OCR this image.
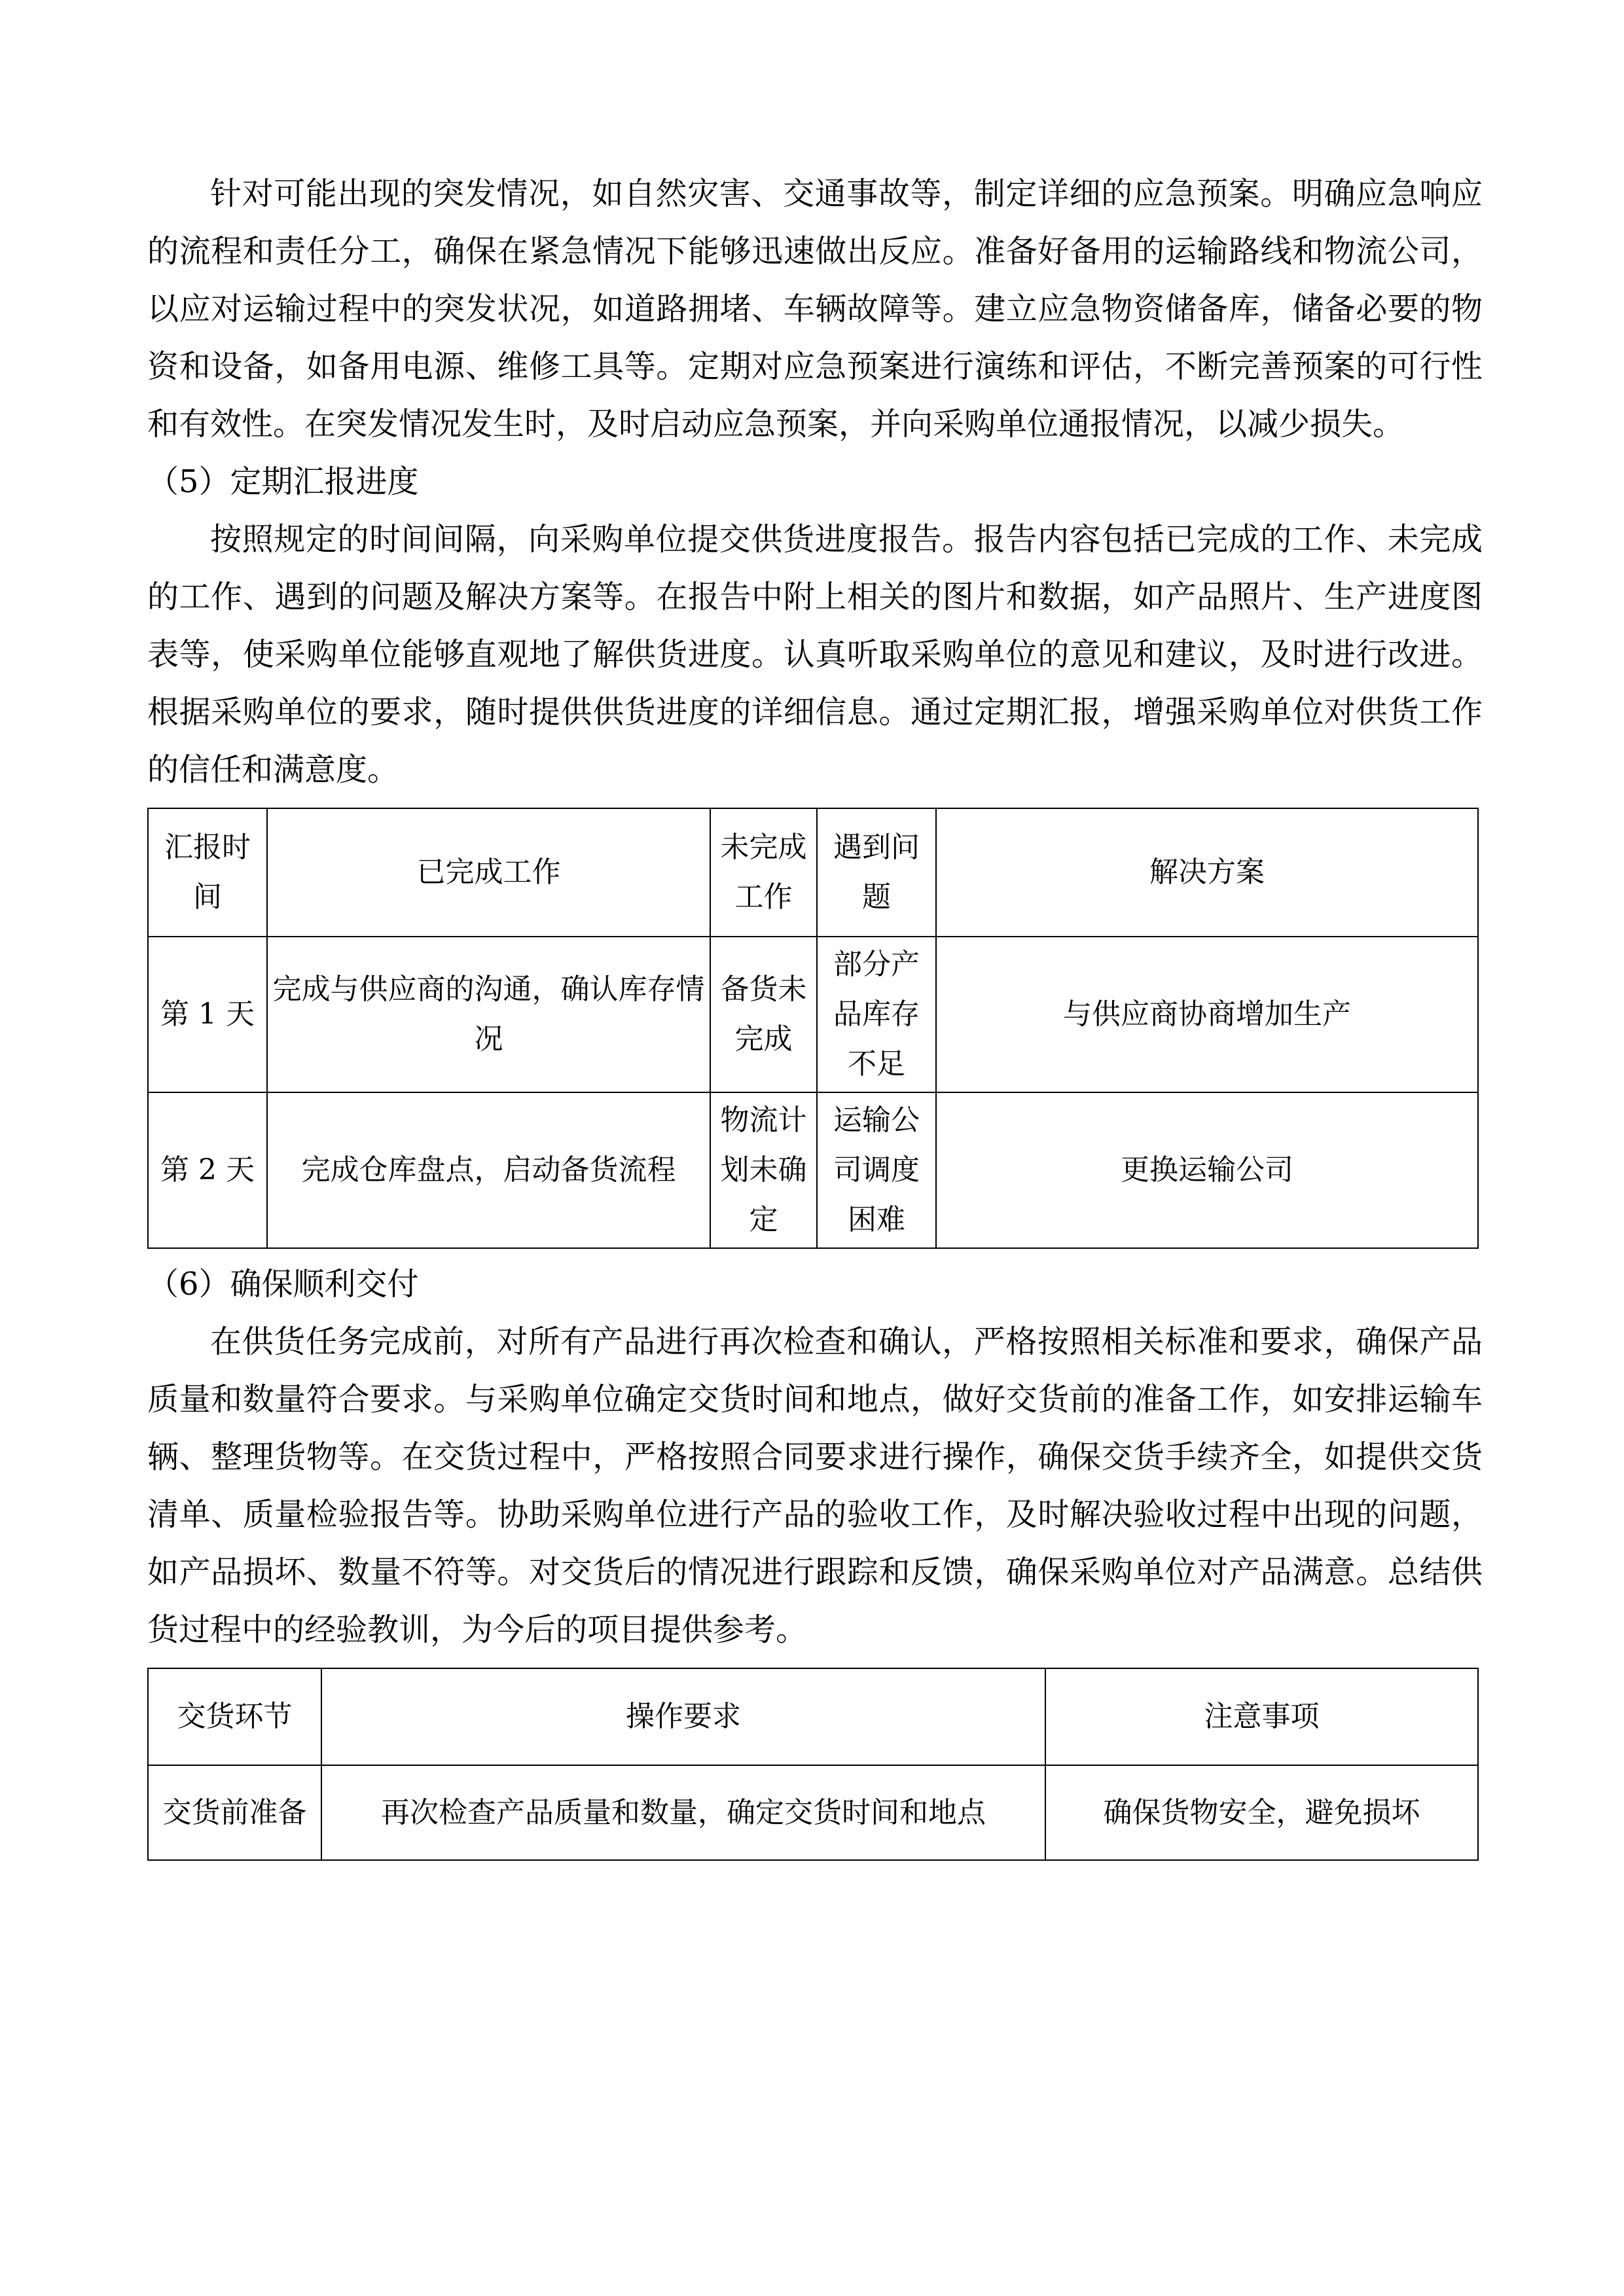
针对可能出现的突发情况，如自然灾害、交通事故等，制定详细的应急预案。明确应急响应的流程和责任分工，确保在紧急情况下能够迅速做出反应。准备好备用的运输路线和物流公司，以应对运输过程中的突发状况，如道路拥堵、车辆故障等。建立应急物资储备库，储备必要的物资和设备，如备用电源、维修工具等。定期对应急预案进行演练和评估，不断完善预案的可行性和有效性。在突发情况发生时，及时启动应急预案，并向采购单位通报情况，以减少损失。

（5）定期汇报进度

按照规定的时间间隔，向采购单位提交供货进度报告。报告内容包括已完成的工作、未完成的工作、遇到的问题及解决方案等。在报告中附上相关的图片和数据，如产品照片、生产进度图表等，使采购单位能够直观地了解供货进度。认真听取采购单位的意见和建议，及时进行改进。根据采购单位的要求，随时提供供货进度的详细信息。通过定期汇报，增强采购单位对供货工作的信任和满意度。

汇报时间	已完成工作	未完成工作	遇到问题	解决方案
第 1 天	完成与供应商的沟通，确认库存情况	备货未完成	部分产品库存不足	与供应商协商增加生产
第 2 天	完成仓库盘点，启动备货流程	物流计划未确定	运输公司调度困难	更换运输公司

（6）确保顺利交付

在供货任务完成前，对所有产品进行再次检查和确认，严格按照相关标准和要求，确保产品质量和数量符合要求。与采购单位确定交货时间和地点，做好交货前的准备工作，如安排运输车辆、整理货物等。在交货过程中，严格按照合同要求进行操作，确保交货手续齐全，如提供交货清单、质量检验报告等。协助采购单位进行产品的验收工作，及时解决验收过程中出现的问题，如产品损坏、数量不符等。对交货后的情况进行跟踪和反馈，确保采购单位对产品满意。总结供货过程中的经验教训，为今后的项目提供参考。

交货环节	操作要求	注意事项
交货前准备	再次检查产品质量和数量，确定交货时间和地点	确保货物安全，避免损坏
